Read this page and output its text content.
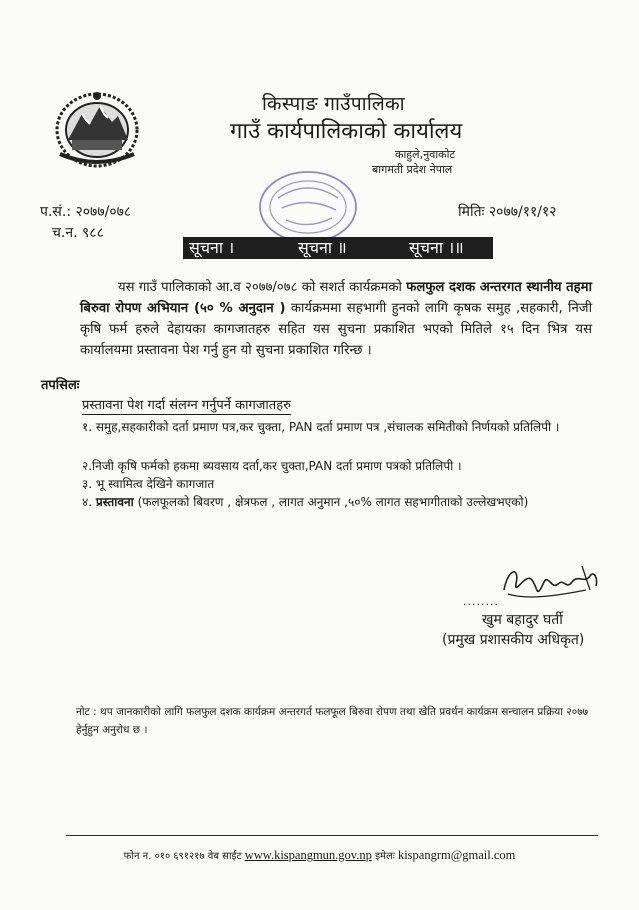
किस्पाङ गाउँपालिका
गाउँ कार्यपालिकाको कार्यालय
काहुले,नुवाकोट
बागमती प्रदेश नेपाल
प.सं.: २०७७/०७८
च.न. ९८८
मितिः २०७७/११/१२
सूचना ।	सूचना ॥	सूचना ।॥
यस गाउँ पालिकाको आ.व २०७७/०७८ को सशर्त कार्यक्रमको फलफुल दशक अन्तरगत स्थानीय तहमा बिरुवा रोपण अभियान (५० % अनुदान ) कार्यक्रममा सहभागी हुनको लागि कृषक समुह ,सहकारी, निजी कृषि फर्म हरुले देहायका कागजातहरु सहित यस सुचना प्रकाशित भएको मितिले १५ दिन भित्र यस कार्यालयमा प्रस्तावना पेश गर्नु हुन यो सुचना प्रकाशित गरिन्छ ।
तपसिलः
प्रस्तावना पेश गर्दा संलग्न गर्नुपर्ने कागजातहरु
१. समुह,सहकारीको दर्ता प्रमाण पत्र,कर चुक्ता, PAN दर्ता प्रमाण पत्र ,संचालक समितीको निर्णयको प्रतिलिपी ।
२.निजी कृषि फर्मको हकमा ब्यवसाय दर्ता,कर चुक्ता,PAN दर्ता प्रमाण पत्रको प्रतिलिपी ।
३. भू स्वामित्व देखिने कागजात
४. प्रस्तावना (फलफूलको बिवरण , क्षेत्रफल , लागत अनुमान ,५०% लागत सहभागीताको उल्लेखभएको)
........
खुम बहादुर घर्ती
(प्रमुख प्रशासकीय अधिकृत)
नोट : थप जानकारीको लागि फलफुल दशक कार्यक्रम अन्तरगर्त फलफूल बिरुवा रोपण तथा खेति प्रवर्धन कार्यक्रम सन्चालन प्रक्रिया २०७७ हेर्नुहुन अनुरोध छ ।
फोन न. ०१० ६९१२१७ वेब साईट www.kispangmun.gov.np इमेलः kispangrm@gmail.com
